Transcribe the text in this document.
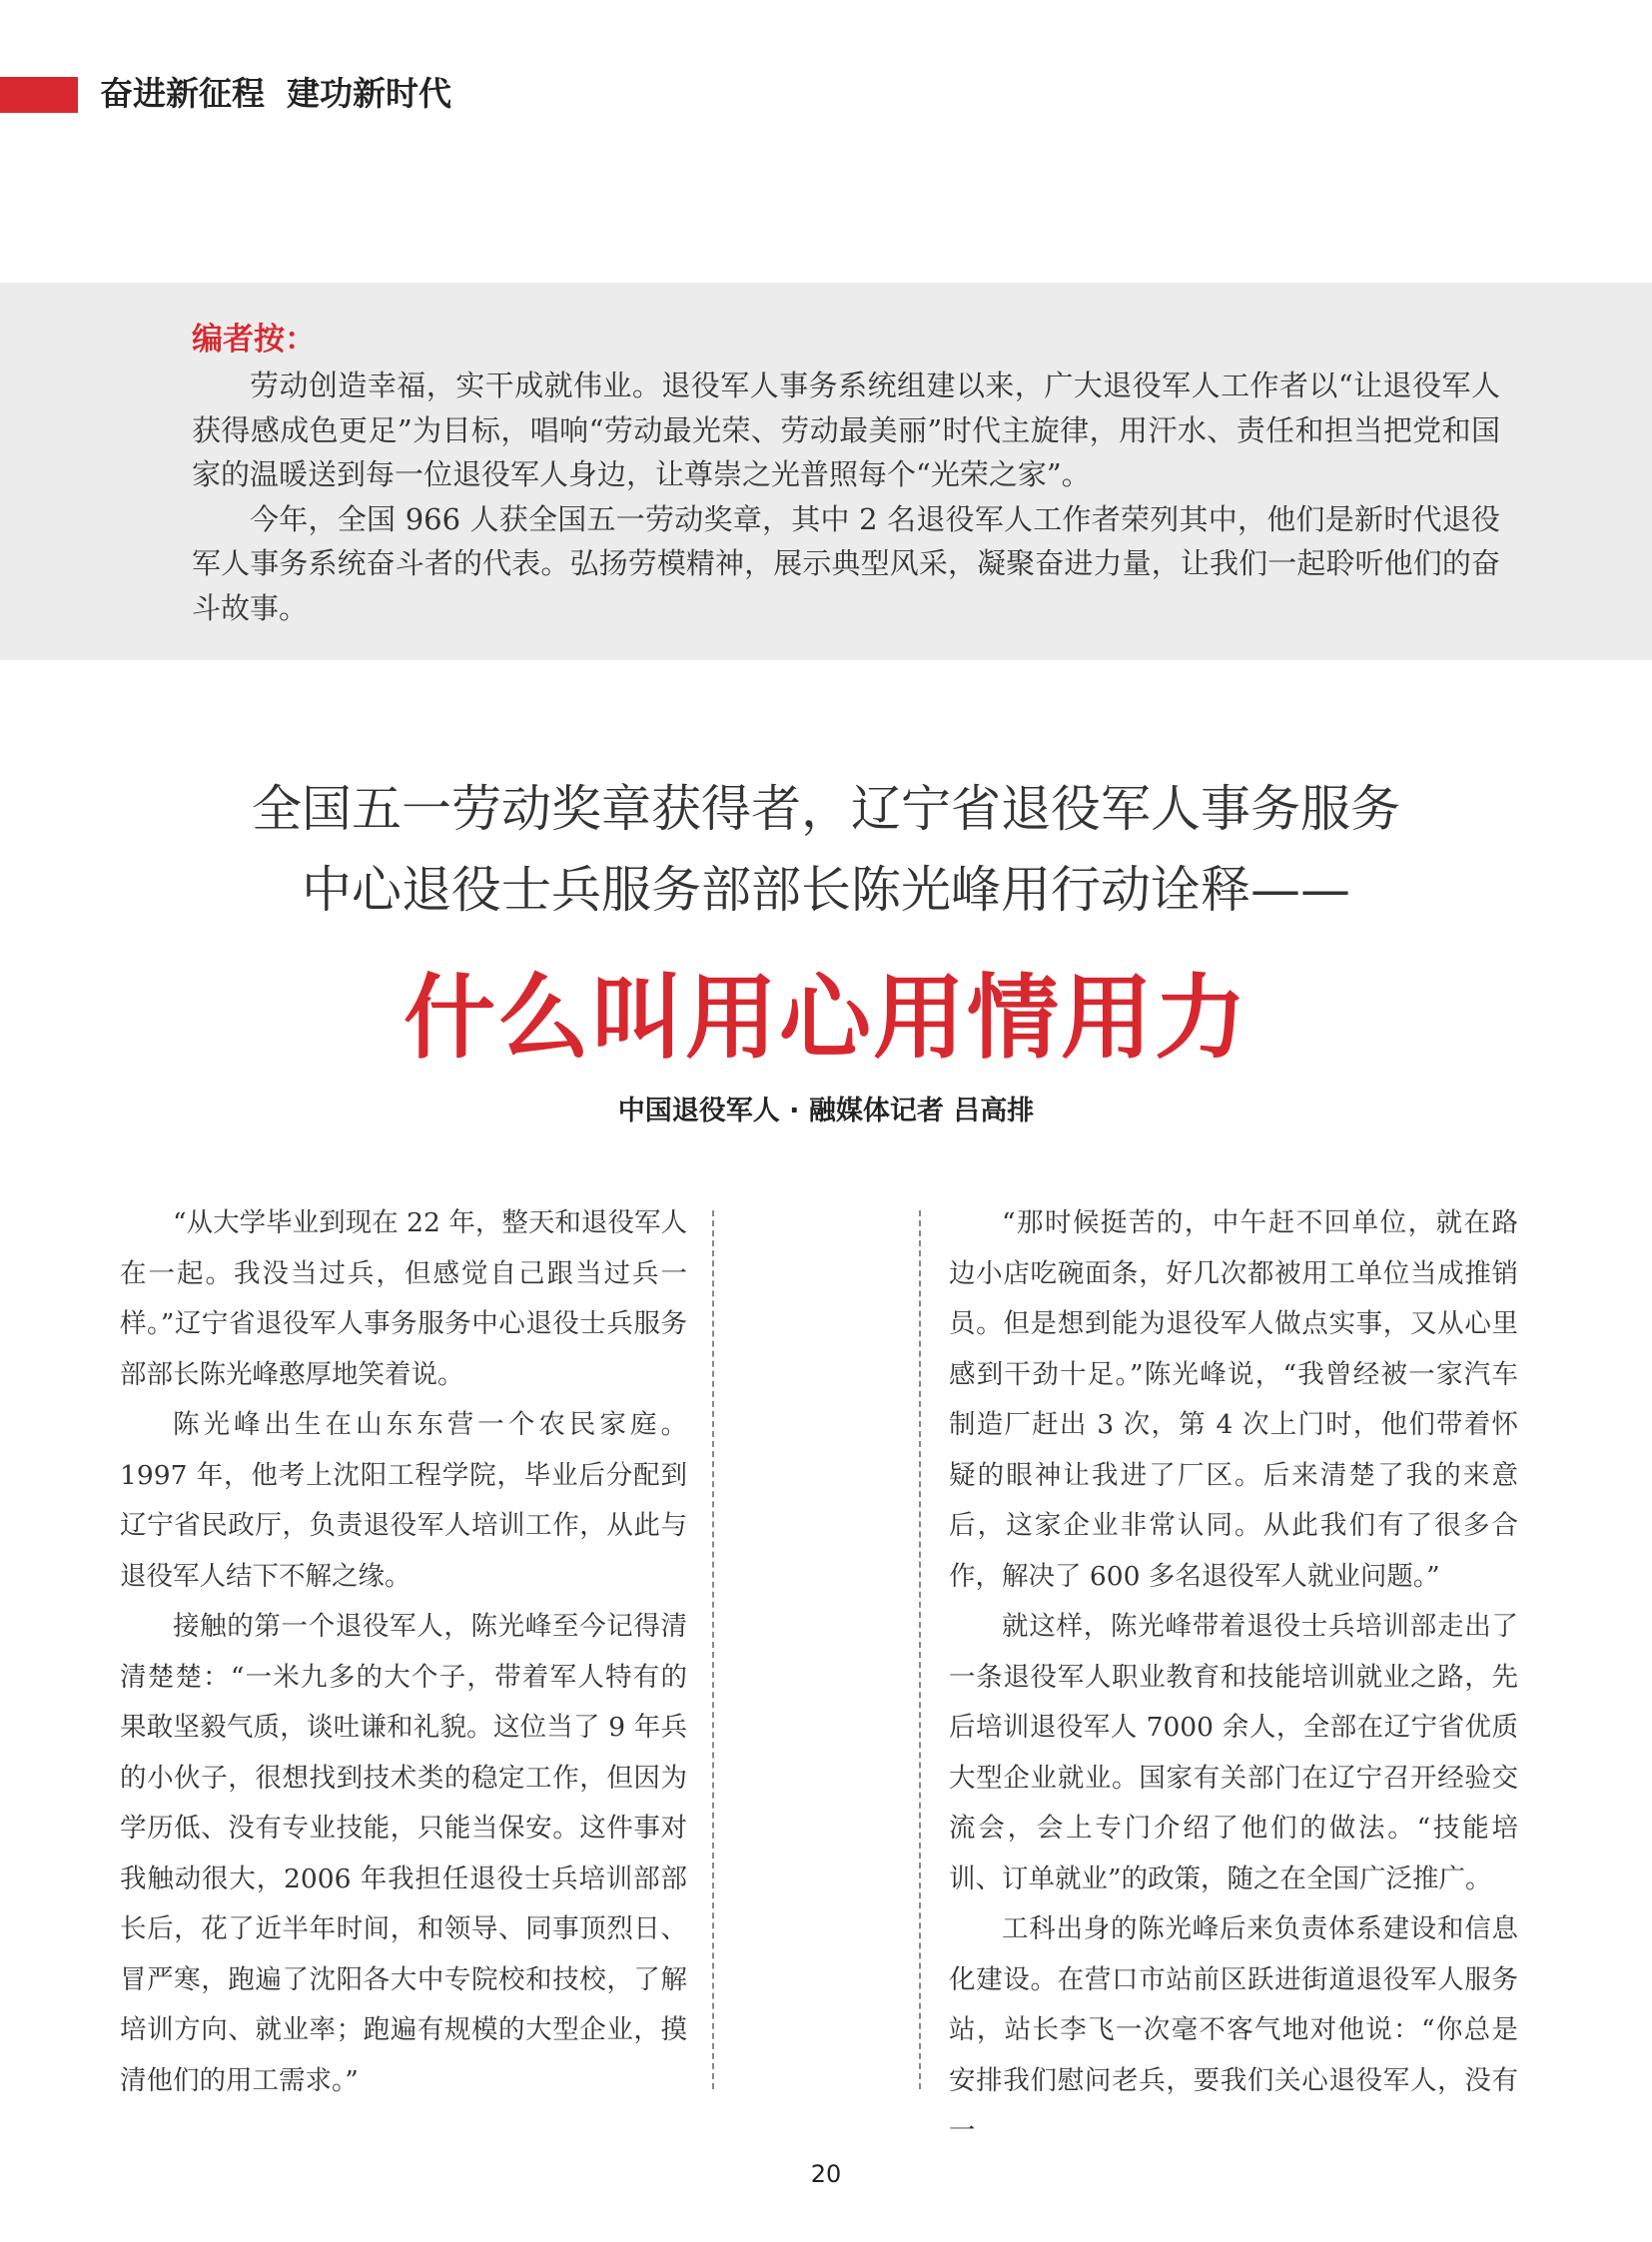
奋进新征程 建功新时代
编者按：

劳动创造幸福，实干成就伟业。退役军人事务系统组建以来，广大退役军人工作者以“让退役军人获得感成色更足”为目标，唱响“劳动最光荣、劳动最美丽”时代主旋律，用汗水、责任和担当把党和国家的温暖送到每一位退役军人身边，让尊崇之光普照每个“光荣之家”。

今年，全国 966 人获全国五一劳动奖章，其中 2 名退役军人工作者荣列其中，他们是新时代退役军人事务系统奋斗者的代表。弘扬劳模精神，展示典型风采，凝聚奋进力量，让我们一起聆听他们的奋斗故事。

全国五一劳动奖章获得者，辽宁省退役军人事务服务
中心退役士兵服务部部长陈光峰用行动诠释——
什么叫用心用情用力
中国退役军人 · 融媒体记者 吕高排

“从大学毕业到现在 22 年，整天和退役军人在一起。我没当过兵，但感觉自己跟当过兵一样。”辽宁省退役军人事务服务中心退役士兵服务部部长陈光峰憨厚地笑着说。

陈光峰出生在山东东营一个农民家庭。1997 年，他考上沈阳工程学院，毕业后分配到辽宁省民政厅，负责退役军人培训工作，从此与退役军人结下不解之缘。

接触的第一个退役军人，陈光峰至今记得清清楚楚：“一米九多的大个子，带着军人特有的果敢坚毅气质，谈吐谦和礼貌。这位当了 9 年兵的小伙子，很想找到技术类的稳定工作，但因为学历低、没有专业技能，只能当保安。这件事对我触动很大，2006 年我担任退役士兵培训部部长后，花了近半年时间，和领导、同事顶烈日、冒严寒，跑遍了沈阳各大中专院校和技校，了解培训方向、就业率；跑遍有规模的大型企业，摸清他们的用工需求。”

“那时候挺苦的，中午赶不回单位，就在路边小店吃碗面条，好几次都被用工单位当成推销员。但是想到能为退役军人做点实事，又从心里感到干劲十足。”陈光峰说，“我曾经被一家汽车制造厂赶出 3 次，第 4 次上门时，他们带着怀疑的眼神让我进了厂区。后来清楚了我的来意后，这家企业非常认同。从此我们有了很多合作，解决了 600 多名退役军人就业问题。”

就这样，陈光峰带着退役士兵培训部走出了一条退役军人职业教育和技能培训就业之路，先后培训退役军人 7000 余人，全部在辽宁省优质大型企业就业。国家有关部门在辽宁召开经验交流会，会上专门介绍了他们的做法。“技能培训、订单就业”的政策，随之在全国广泛推广。

工科出身的陈光峰后来负责体系建设和信息化建设。在营口市站前区跃进街道退役军人服务站，站长李飞一次毫不客气地对他说：“你总是安排我们慰问老兵，要我们关心退役军人，没有一

20
